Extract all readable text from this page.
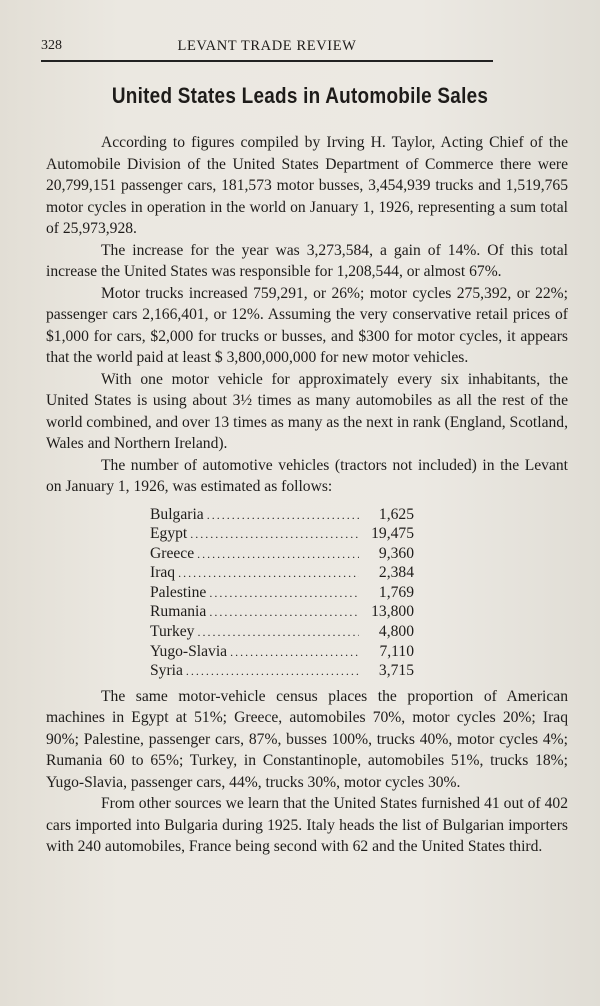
328	LEVANT TRADE REVIEW
United States Leads in Automobile Sales

According to figures compiled by Irving H. Taylor, Acting Chief of the Automobile Division of the United States Department of Commerce there were 20,799,151 passenger cars, 181,573 motor busses, 3,454,939 trucks and 1,519,765 motor cycles in operation in the world on January 1, 1926, representing a sum total of 25,973,928.

The increase for the year was 3,273,584, a gain of 14%. Of this total increase the United States was responsible for 1,208,544, or almost 67%.

Motor trucks increased 759,291, or 26%; motor cycles 275,392, or 22%; passenger cars 2,166,401, or 12%. Assuming the very conservative retail prices of $1,000 for cars, $2,000 for trucks or busses, and $300 for motor cycles, it appears that the world paid at least $ 3,800,000,000 for new motor vehicles.

With one motor vehicle for approximately every six inhabitants, the United States is using about 3½ times as many automobiles as all the rest of the world combined, and over 13 times as many as the next in rank (England, Scotland, Wales and Northern Ireland).

The number of automotive vehicles (tractors not included) in the Levant on January 1, 1926, was estimated as follows:

Bulgaria .....	1,625
Egypt .....	19,475
Greece .....	9,360
Iraq .....	2,384
Palestine .....	1,769
Rumania .....	13,800
Turkey .....	4,800
Yugo-Slavia .....	7,110
Syria .....	3,715

The same motor-vehicle census places the proportion of American machines in Egypt at 51%; Greece, automobiles 70%, motor cycles 20%; Iraq 90%; Palestine, passenger cars, 87%, busses 100%, trucks 40%, motor cycles 4%; Rumania 60 to 65%; Turkey, in Constantinople, automobiles 51%, trucks 18%; Yugo-Slavia, passenger cars, 44%, trucks 30%, motor cycles 30%.

From other sources we learn that the United States furnished 41 out of 402 cars imported into Bulgaria during 1925. Italy heads the list of Bulgarian importers with 240 automobiles, France being second with 62 and the United States third.
